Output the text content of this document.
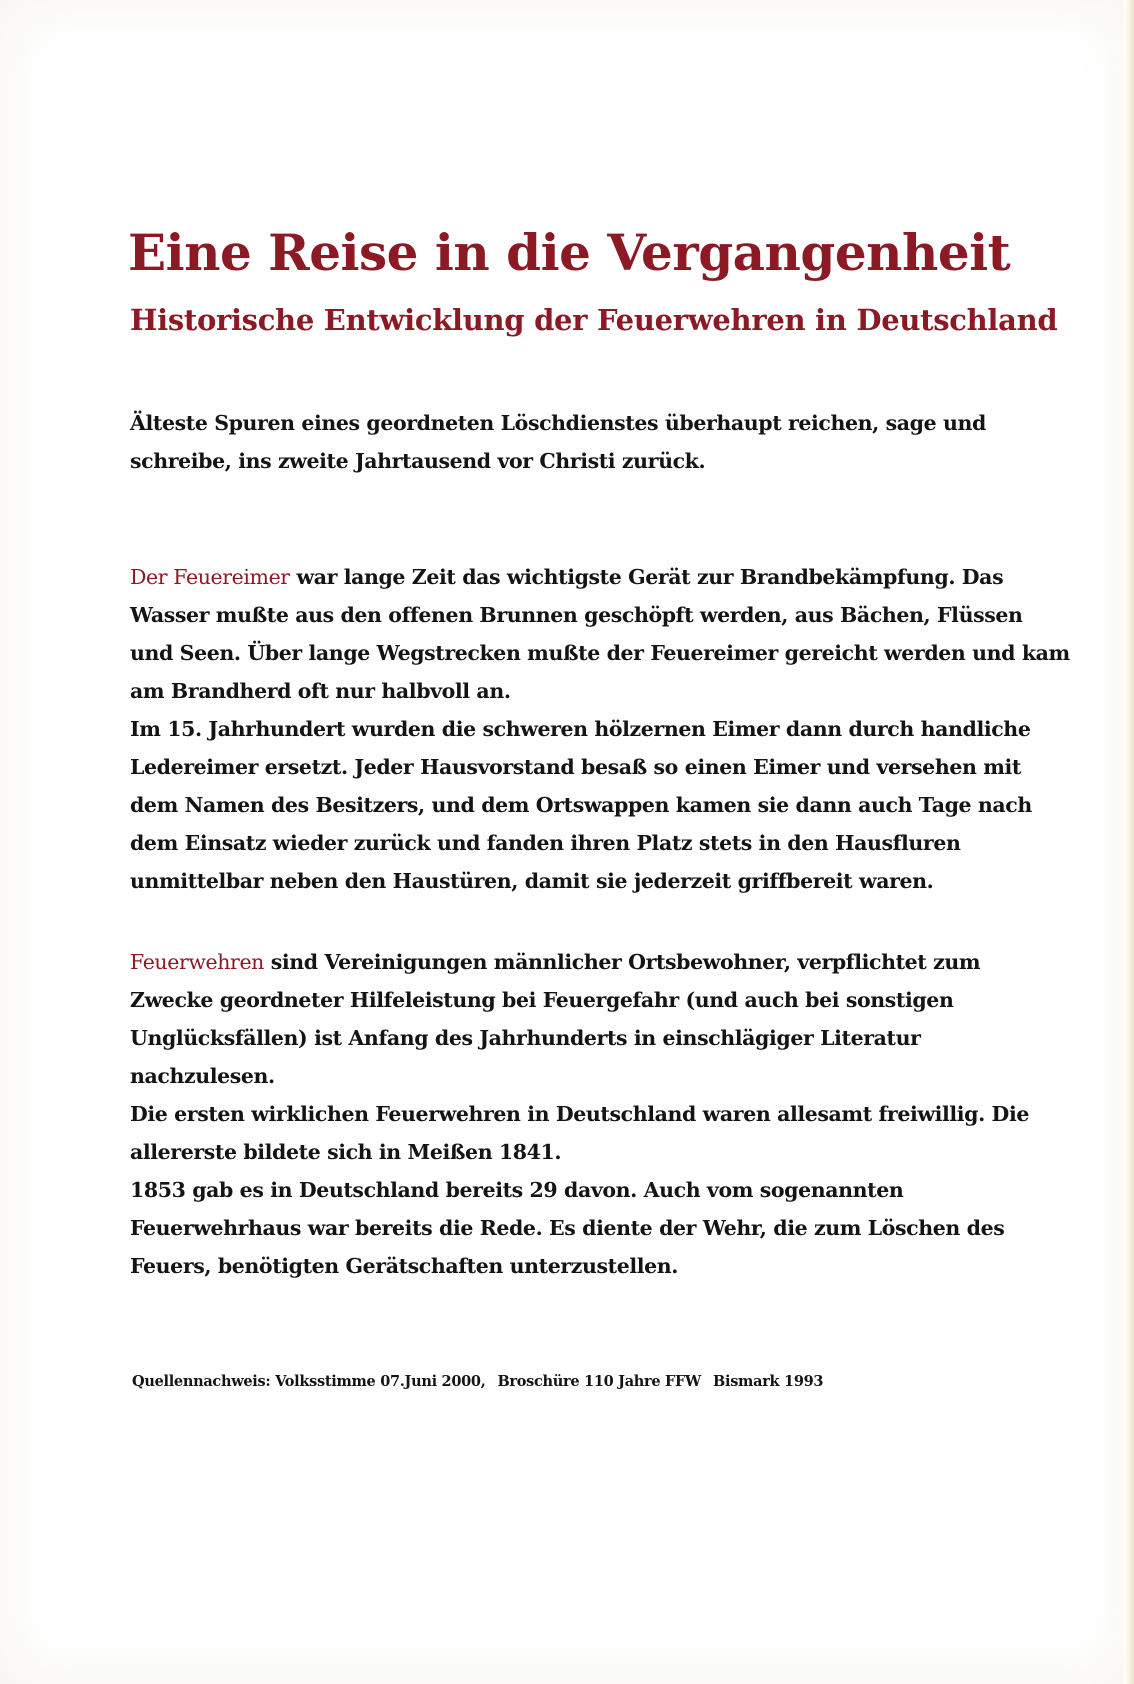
Eine Reise in die Vergangenheit
Historische Entwicklung der Feuerwehren in Deutschland
Älteste Spuren eines geordneten Löschdienstes überhaupt reichen, sage und
schreibe, ins zweite Jahrtausend vor Christi zurück.
Der Feuereimer war lange Zeit das wichtigste Gerät zur Brandbekämpfung. Das
Wasser mußte aus den offenen Brunnen geschöpft werden, aus Bächen, Flüssen
und Seen. Über lange Wegstrecken mußte der Feuereimer gereicht werden und kam
am Brandherd oft nur halbvoll an.
Im 15. Jahrhundert wurden die schweren hölzernen Eimer dann durch handliche
Ledereimer ersetzt. Jeder Hausvorstand besaß so einen Eimer und versehen mit
dem Namen des Besitzers, und dem Ortswappen kamen sie dann auch Tage nach
dem Einsatz wieder zurück und fanden ihren Platz stets in den Hausfluren
unmittelbar neben den Haustüren, damit sie jederzeit griffbereit waren.
Feuerwehren sind Vereinigungen männlicher Ortsbewohner, verpflichtet zum
Zwecke geordneter Hilfeleistung bei Feuergefahr (und auch bei sonstigen
Unglücksfällen) ist Anfang des Jahrhunderts in einschlägiger Literatur
nachzulesen.
Die ersten wirklichen Feuerwehren in Deutschland waren allesamt freiwillig. Die
allererste bildete sich in Meißen 1841.
1853 gab es in Deutschland bereits 29 davon. Auch vom sogenannten
Feuerwehrhaus war bereits die Rede. Es diente der Wehr, die zum Löschen des
Feuers, benötigten Gerätschaften unterzustellen.

Quellennachweis: Volksstimme 07.Juni 2000, Broschüre 110 Jahre FFW Bismark 1993
